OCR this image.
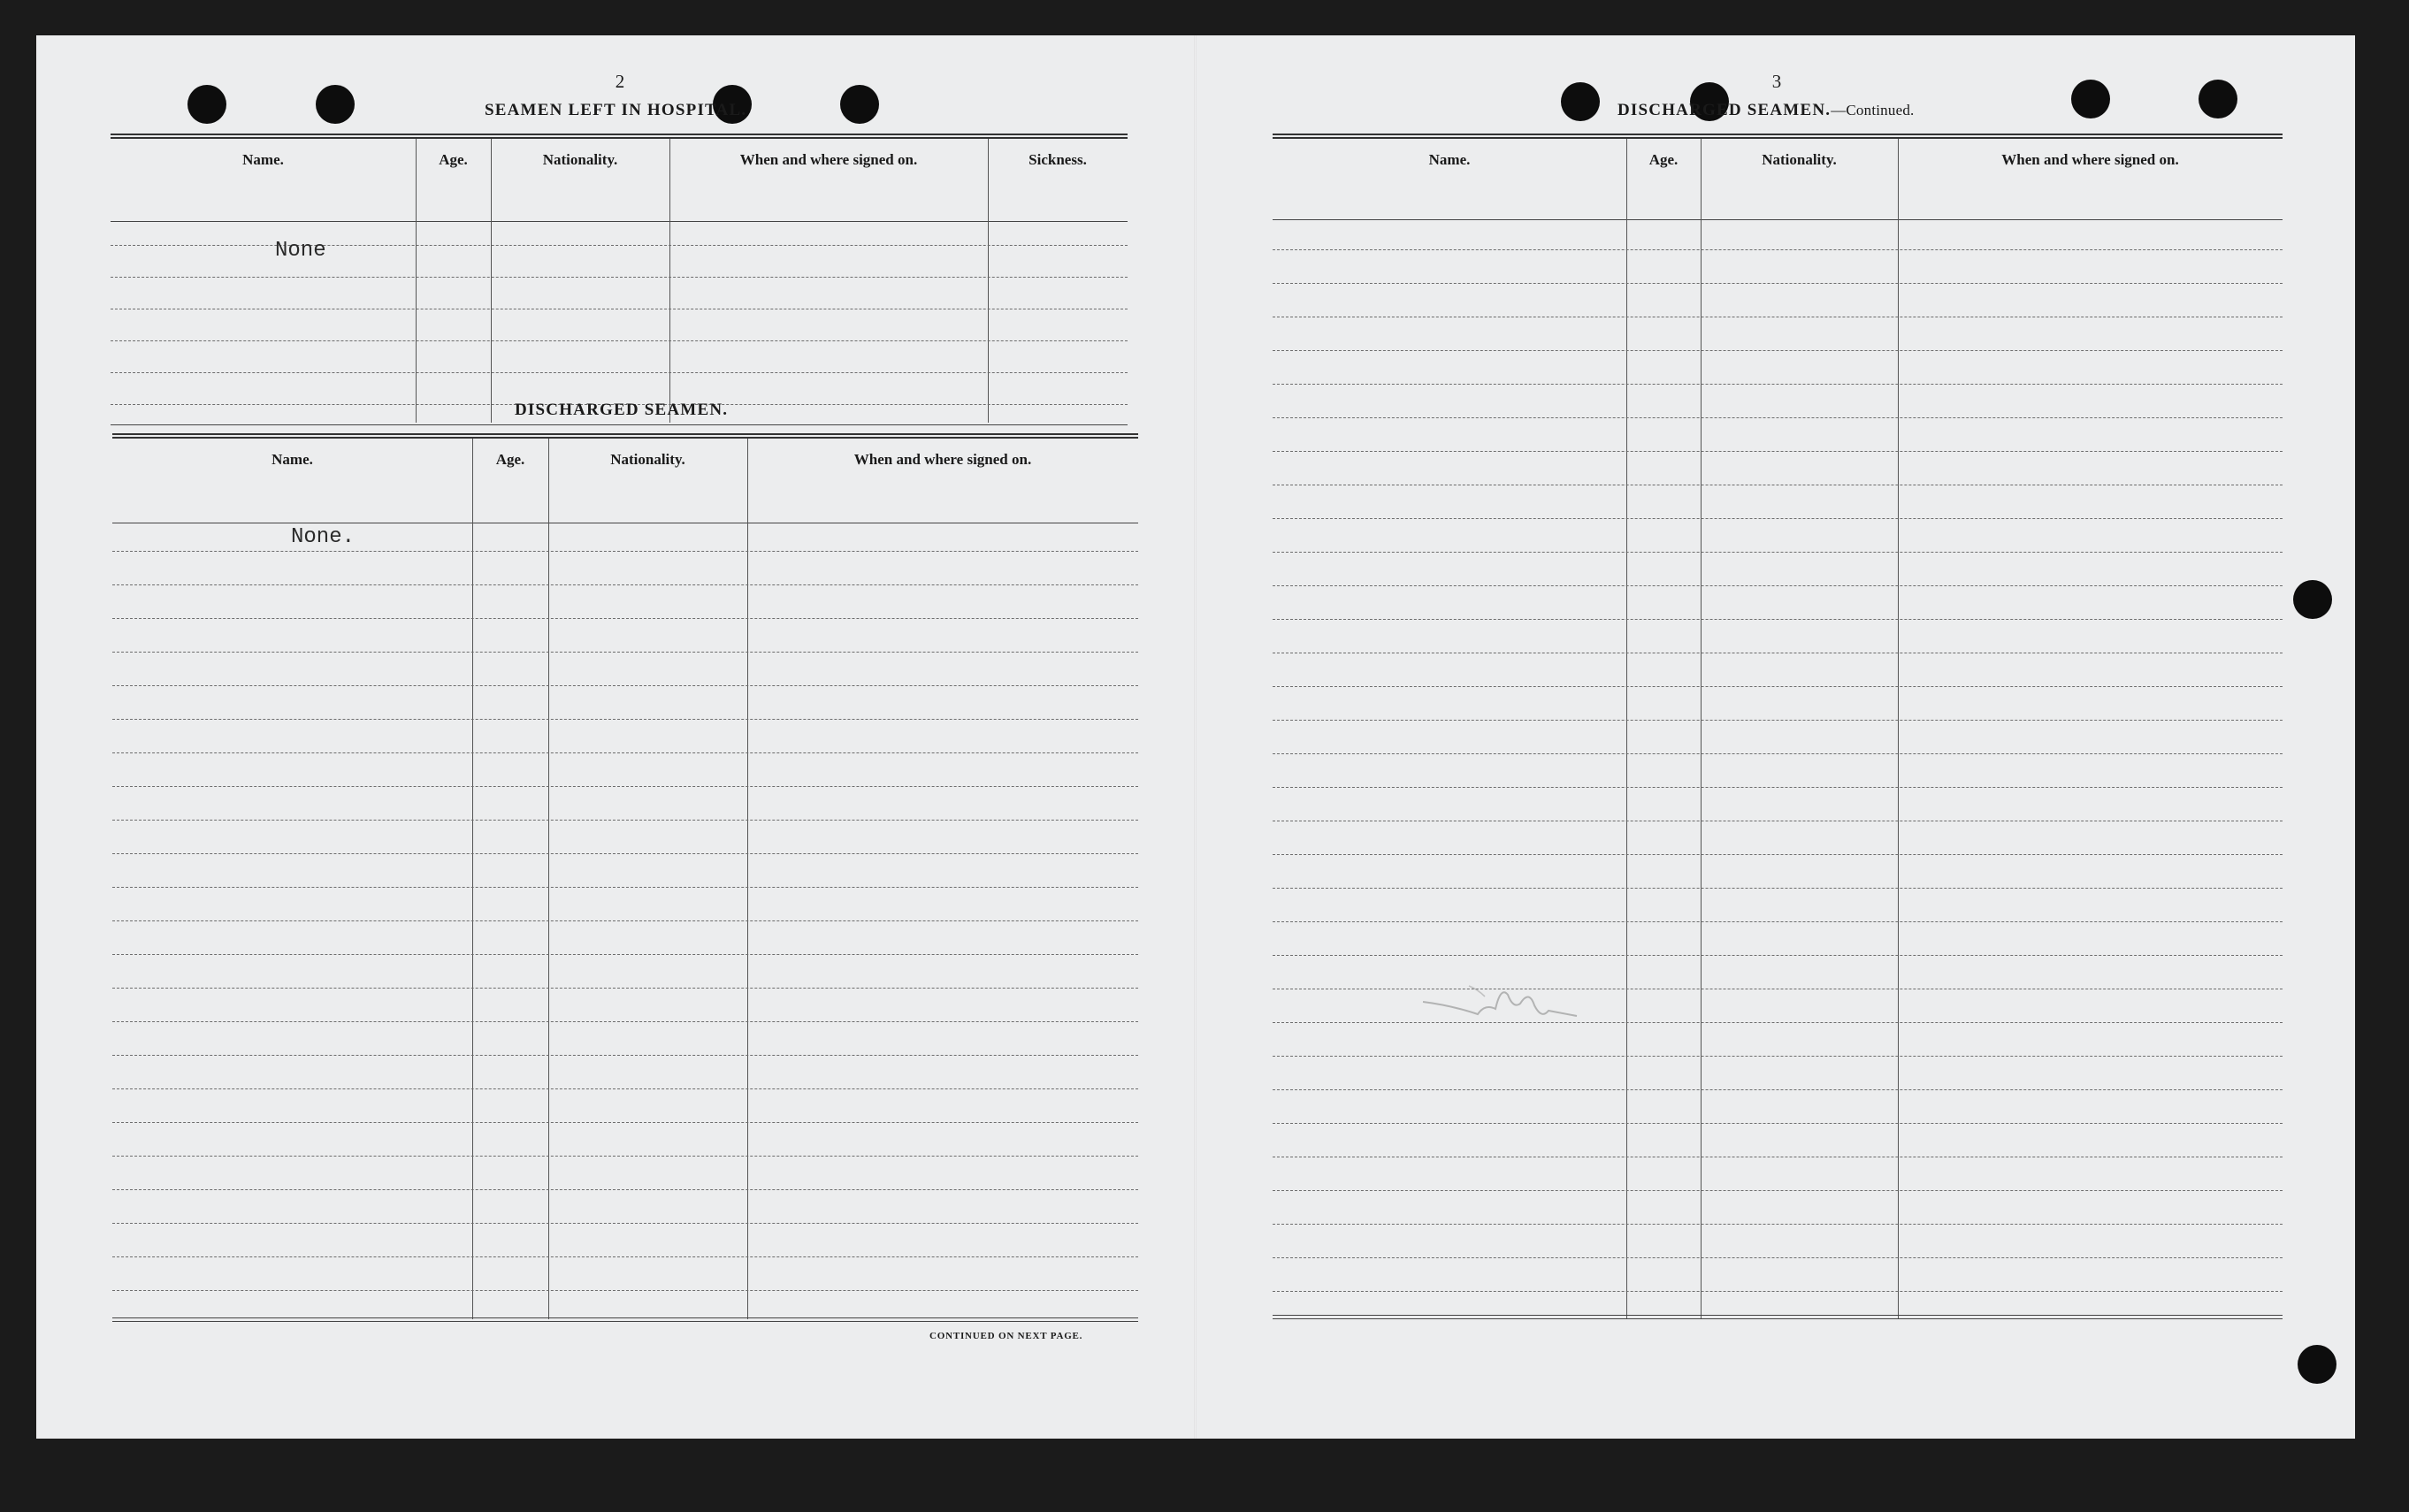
2
SEAMEN LEFT IN HOSPITAL.
Name.	Age.	Nationality.	When and where signed on.	Sickness.
None
DISCHARGED SEAMEN.
Name.	Age.	Nationality.	When and where signed on.
None.
CONTINUED ON NEXT PAGE.
3
DISCHARGED SEAMEN.—Continued.
Name.	Age.	Nationality.	When and where signed on.
